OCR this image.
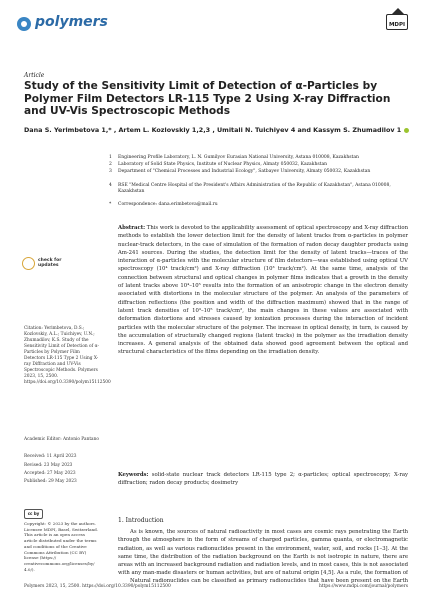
polymers	MDPI
Article
Study of the Sensitivity Limit of Detection of α-Particles by Polymer Film Detectors LR-115 Type 2 Using X-ray Diffraction and UV-Vis Spectroscopic Methods
Dana S. Yerimbetova 1,* , Artem L. Kozlovskiy 1,2,3 , Umitali N. Tuichiyev 4 and Kassym S. Zhumadilov 1
1 Engineering Profile Laboratory, L. N. Gumilyov Eurasian National University, Astana 010008, Kazakhstan
2 Laboratory of Solid State Physics, Institute of Nuclear Physics, Almaty 050032, Kazakhstan
3 Department of "Chemical Processes and Industrial Ecology", Satbayev University, Almaty 050032, Kazakhstan
4 RSE "Medical Centre Hospital of the President's Affairs Administration of the Republic of Kazakhstan", Astana 010008, Kazakhstan
* Correspondence: dana.erimbetova@mail.ru
check for updates
Citation: Yerimbetova, D.S.; Kozlovskiy, A.L.; Tuichiyev, U.N.; Zhumadilov, K.S. Study of the Sensitivity Limit of Detection of α-Particles by Polymer Film Detectors LR-115 Type 2 Using X-ray Diffraction and UV-Vis Spectroscopic Methods. Polymers 2023, 15, 2500. https://doi.org/10.3390/polym15112500
Academic Editor: Antonio Pantano
Received: 11 April 2023
Revised: 23 May 2023
Accepted: 27 May 2023
Published: 29 May 2023
cc by
Copyright: © 2023 by the authors. Licensee MDPI, Basel, Switzerland. This article is an open access article distributed under the terms and conditions of the Creative Commons Attribution (CC BY) license (https:// creativecommons.org/licenses/by/ 4.0/).
Abstract: This work is devoted to the applicability assessment of optical spectroscopy and X-ray diffraction methods to establish the lower detection limit for the density of latent tracks from α-particles in polymer nuclear-track detectors, in the case of simulation of the formation of radon decay daughter products using Am-241 sources. During the studies, the detection limit for the density of latent tracks—traces of the interaction of α-particles with the molecular structure of film detectors—was established using optical UV spectroscopy (10⁴ track/cm²) and X-ray diffraction (10³ track/cm²). At the same time, analysis of the connection between structural and optical changes in polymer films indicates that a growth in the density of latent tracks above 10⁴–10⁵ results into the formation of an anisotropic change in the electron density associated with distortions in the molecular structure of the polymer. An analysis of the parameters of diffraction reflections (the position and width of the diffraction maximum) showed that in the range of latent track densities of 10³–10⁵ track/cm², the main changes in these values are associated with deformation distortions and stresses caused by ionization processes during the interaction of incident particles with the molecular structure of the polymer. The increase in optical density, in turn, is caused by the accumulation of structurally changed regions (latent tracks) in the polymer as the irradiation density increases. A general analysis of the obtained data showed good agreement between the optical and structural characteristics of the films depending on the irradiation density.
Keywords: solid-state nuclear track detectors LR-115 type 2; α-particles; optical spectroscopy; X-ray diffraction; radon decay products; dosimetry
1. Introduction
As is known, the sources of natural radioactivity in most cases are cosmic rays penetrating the Earth through the atmosphere in the form of streams of charged particles, gamma quanta, or electromagnetic radiation, as well as various radionuclides present in the environment, water, soil, and rocks [1–3]. At the same time, the distribution of the radiation background on the Earth is not isotropic in nature, there are areas with an increased background radiation and radiation levels, and in most cases, this is not associated with any man-made disasters or human activities, but are of natural origin [4,5]. As a rule, the formation of
Natural radionuclides can be classified as primary radionuclides that have been present on the Earth
Polymers 2023, 15, 2500. https://doi.org/10.3390/polym15112500	https://www.mdpi.com/journal/polymers
